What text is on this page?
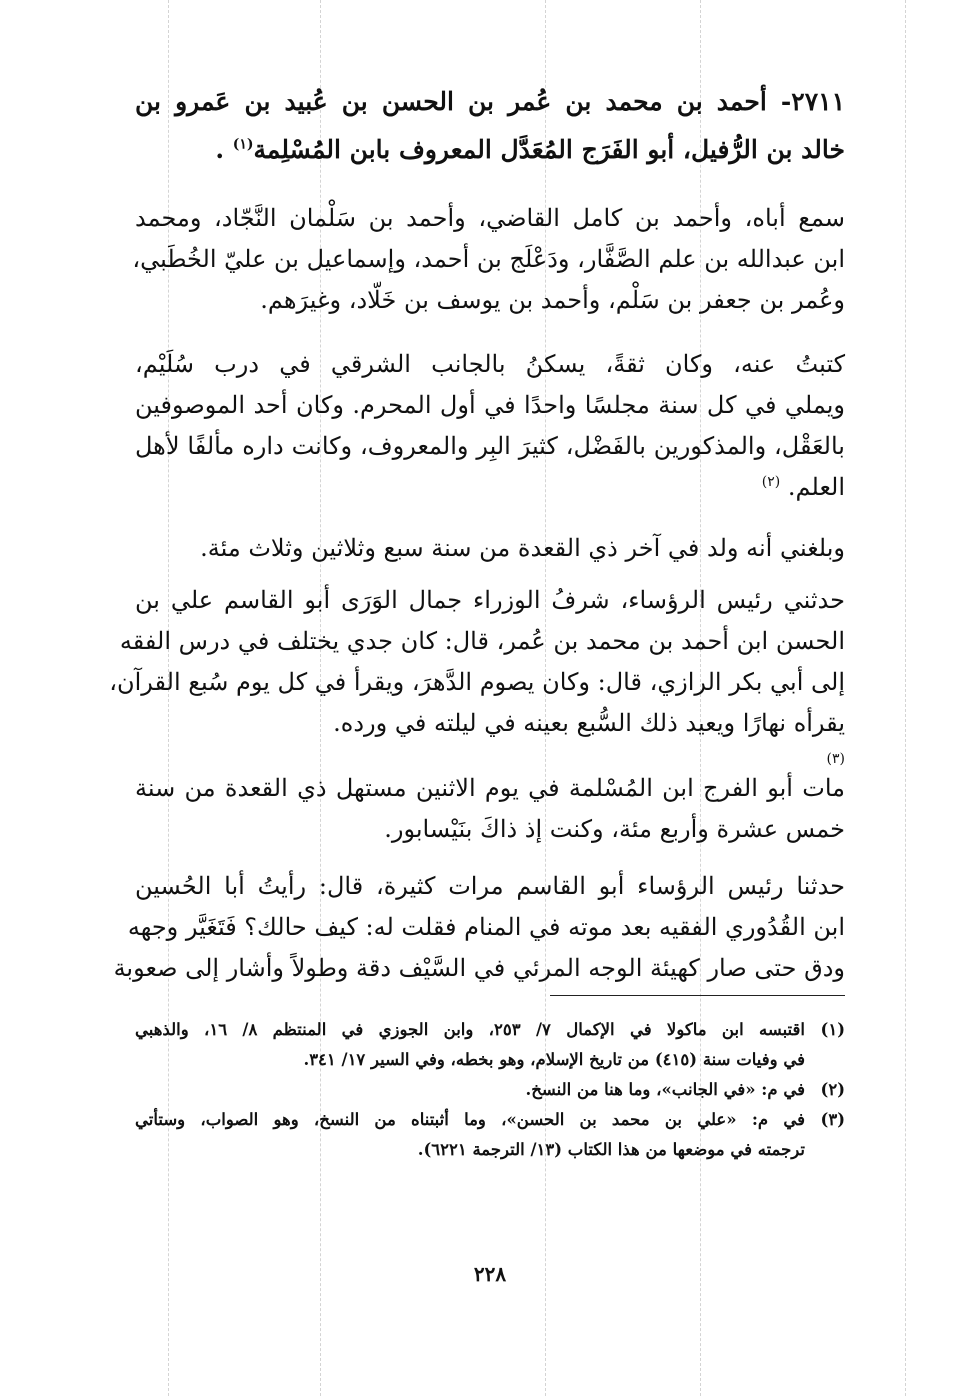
٢٧١١- أحمد بن محمد بن عُمر بن الحسن بن عُبيد بن عَمرو بن
خالد بن الرُّفيل، أبو الفَرَج المُعَدَّل المعروف بابن المُسْلِمة$^{(١)}$ .
سمع أباه، وأحمد بن كامل القاضي، وأحمد بن سَلْمان النَّجّاد، ومحمد
ابن عبدالله بن علم الصَّفَّار، ودَعْلَج بن أحمد، وإسماعيل بن عليّ الخُطَبي،
وعُمر بن جعفر بن سَلْم، وأحمد بن يوسف بن خَلّاد، وغيرَهم.
كتبتُ عنه، وكان ثقةً، يسكنُ بالجانب الشرقي في درب سُلَيْم،
ويملي في كل سنة مجلسًا واحدًا في أول المحرم. وكان أحد الموصوفين
بالعَقْل، والمذكورين بالفَضْل، كثيرَ البِر والمعروف، وكانت داره مألفًا لأهل
العلم. $^{(٢)}$
وبلغني أنه ولد في آخر ذي القعدة من سنة سبع وثلاثين وثلاث مئة.
حدثني رئيس الرؤساء، شرفُ الوزراء جمال الوَرَى أبو القاسم علي بن
الحسن ابن أحمد بن محمد بن عُمر، قال: كان جدي يختلف في درس الفقه
إلى أبي بكر الرازي، قال: وكان يصوم الدَّهرَ، ويقرأ في كل يوم سُبع القرآن،
يقرأه نهارًا ويعيد ذلك السُّبع بعينه في ليلته في ورده.
$^{(٣)}$
مات أبو الفرج ابن المُسْلمة في يوم الاثنين مستهل ذي القعدة من سنة
خمس عشرة وأربع مئة، وكنت إذ ذاكَ بنَيْسابور.
حدثنا رئيس الرؤساء أبو القاسم مرات كثيرة، قال: رأيتُ أبا الحُسين
ابن القُدُوري الفقيه بعد موته في المنام فقلت له: كيف حالك؟ فَتَغَيَّر وجهه
ودق حتى صار كهيئة الوجه المرئي في السَّيْف دقة وطولاً وأشار إلى صعوبة
(١)
اقتبسه ابن ماكولا في الإكمال ٧/ ٢٥٣، وابن الجوزي في المنتظم ٨/ ١٦، والذهبي
في وفيات سنة (٤١٥) من تاريخ الإسلام، وهو بخطه، وفي السير ١٧/ ٣٤١.
(٢)
في م: «في الجانب»، وما هنا من النسخ.
(٣)
في م: «علي بن محمد بن الحسن»، وما أثبتناه من النسخ، وهو الصواب، وستأتي
ترجمته في موضعها من هذا الكتاب (١٣/ الترجمة ٦٢٢١).
٢٢٨
